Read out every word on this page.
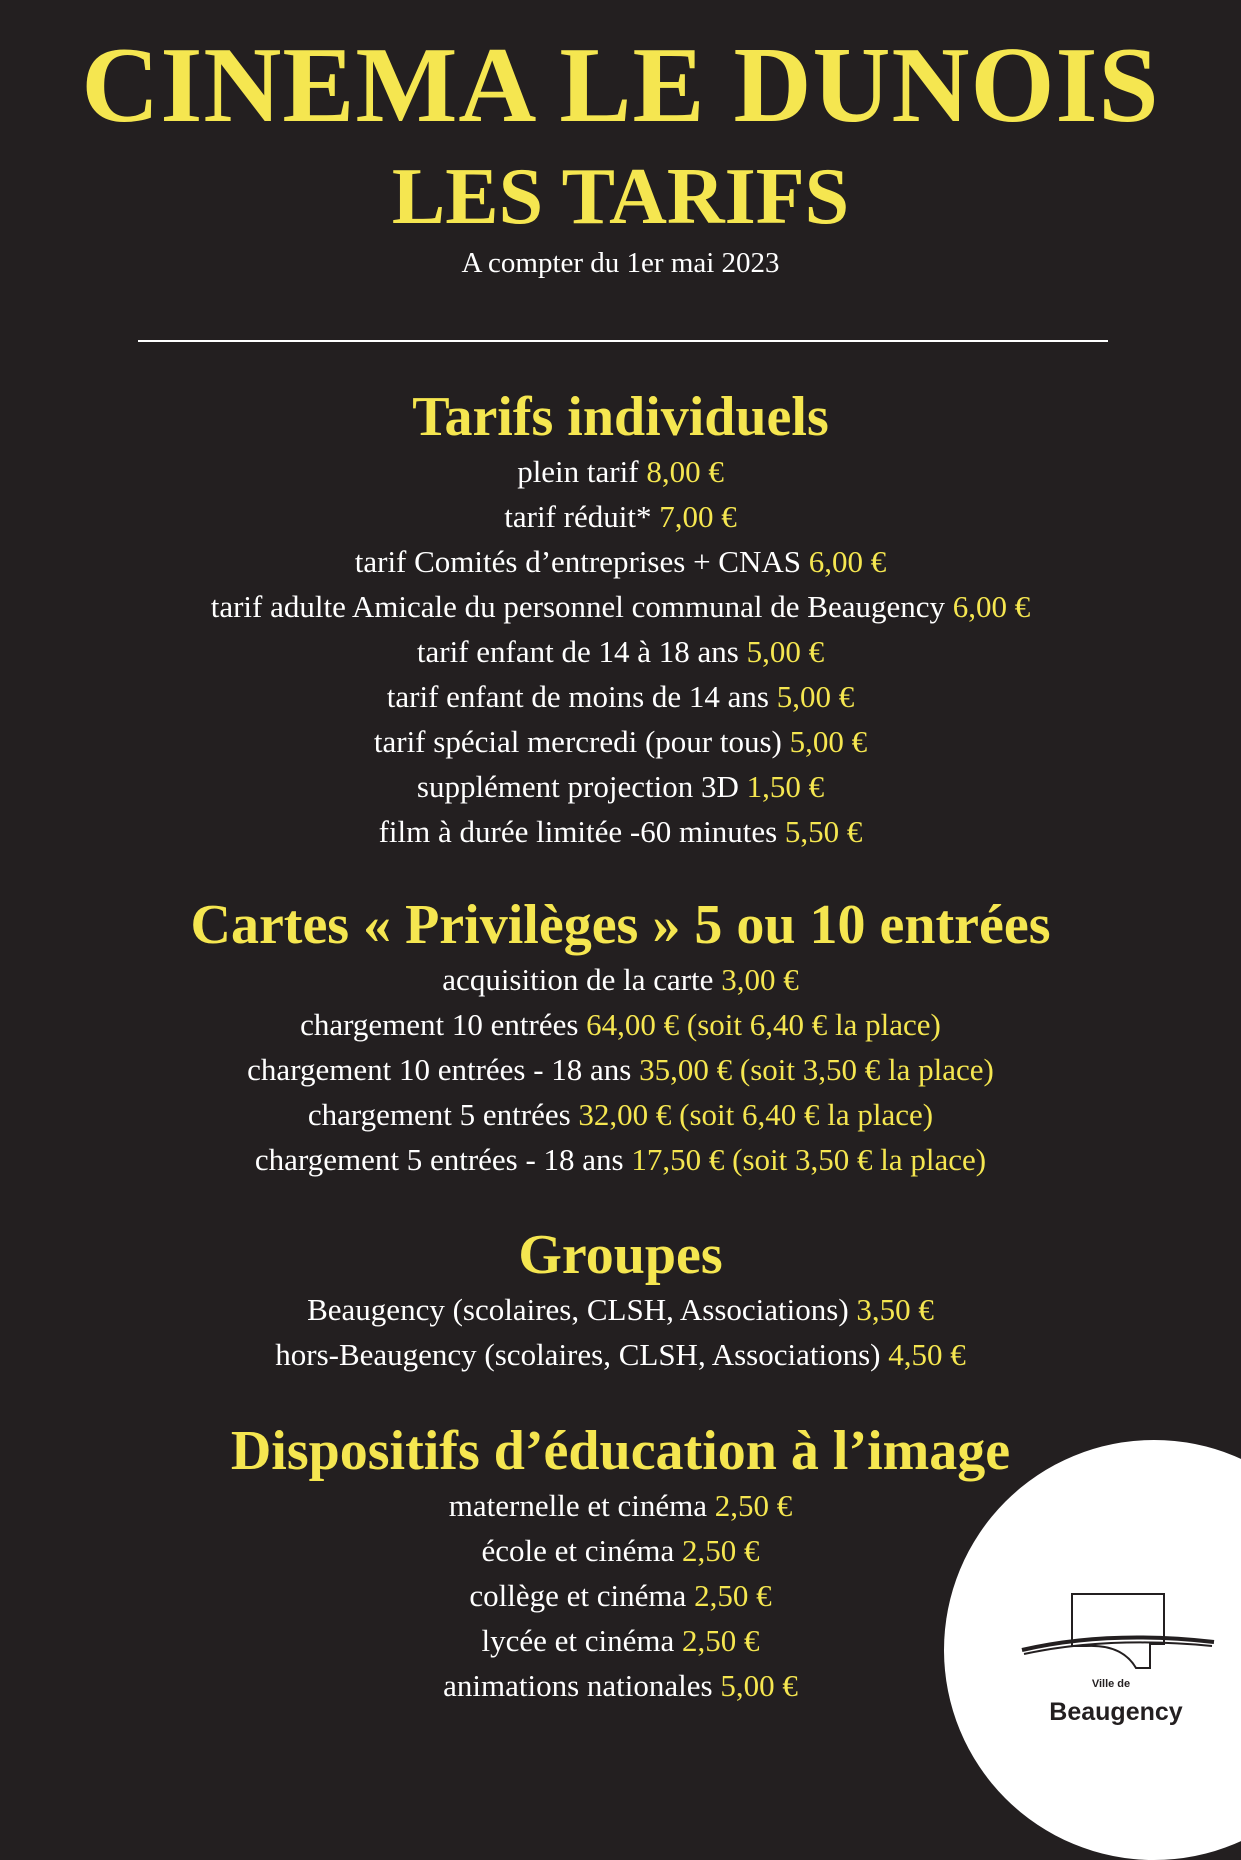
CINEMA LE DUNOIS
LES TARIFS
A compter du 1er mai 2023
Tarifs individuels
plein tarif 8,00 €
tarif réduit* 7,00 €
tarif Comités d’entreprises + CNAS 6,00 €
tarif adulte Amicale du personnel communal de Beaugency 6,00 €
tarif enfant de 14 à 18 ans 5,00 €
tarif enfant de moins de 14 ans 5,00 €
tarif spécial mercredi (pour tous) 5,00 €
supplément projection 3D 1,50 €
film à durée limitée -60 minutes 5,50 €
Cartes « Privilèges » 5 ou 10 entrées
acquisition de la carte 3,00 €
chargement 10 entrées 64,00 € (soit 6,40 € la place)
chargement 10 entrées - 18 ans 35,00 € (soit 3,50 € la place)
chargement 5 entrées 32,00 € (soit 6,40 € la place)
chargement 5 entrées - 18 ans 17,50 € (soit 3,50 € la place)
Groupes
Beaugency (scolaires, CLSH, Associations) 3,50 €
hors-Beaugency (scolaires, CLSH, Associations) 4,50 €
Dispositifs d’éducation à l’image
maternelle et cinéma 2,50 €
école et cinéma 2,50 €
collège et cinéma 2,50 €
lycée et cinéma 2,50 €
animations nationales 5,00 €	Ville de
Beaugency
